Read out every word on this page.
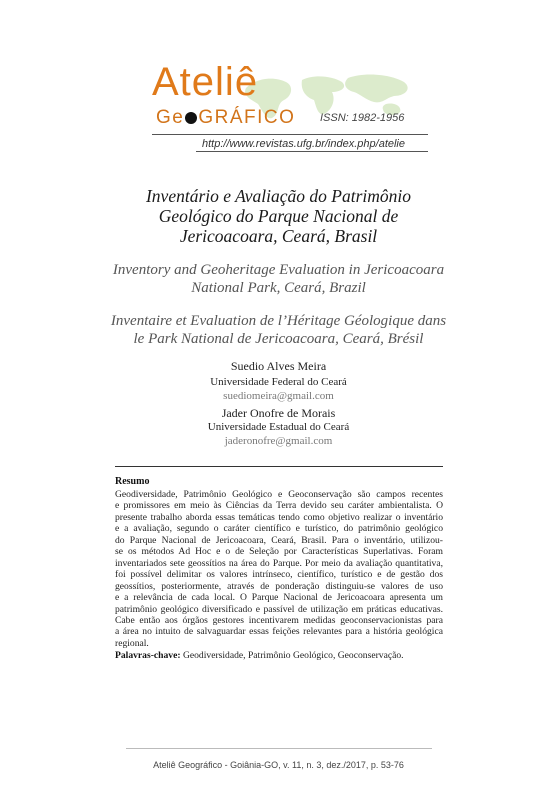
Ateliê
Ge GRÁFICO ISSN: 1982-1956
http://www.revistas.ufg.br/index.php/atelie
Inventário e Avaliação do Patrimônio
Geológico do Parque Nacional de
Jericoacoara, Ceará, Brasil
Inventory and Geoheritage Evaluation in Jericoacoara
National Park, Ceará, Brazil
Inventaire et Evaluation de l’Héritage Géologique dans
le Park National de Jericoacoara, Ceará, Brésil
Suedio Alves Meira
Universidade Federal do Ceará
suediomeira@gmail.com
Jader Onofre de Morais
Universidade Estadual do Ceará
jaderonofre@gmail.com
Resumo
Geodiversidade, Patrimônio Geológico e Geoconservação são campos recentes
e promissores em meio às Ciências da Terra devido seu caráter ambientalista. O
presente trabalho aborda essas temáticas tendo como objetivo realizar o inventário
e a avaliação, segundo o caráter científico e turístico, do patrimônio geológico
do Parque Nacional de Jericoacoara, Ceará, Brasil. Para o inventário, utilizou-
se os métodos Ad Hoc e o de Seleção por Características Superlativas. Foram
inventariados sete geossítios na área do Parque. Por meio da avaliação quantitativa,
foi possível delimitar os valores intrínseco, científico, turístico e de gestão dos
geossítios, posteriormente, através de ponderação distinguiu-se valores de uso
e a relevância de cada local. O Parque Nacional de Jericoacoara apresenta um
patrimônio geológico diversificado e passível de utilização em práticas educativas.
Cabe então aos órgãos gestores incentivarem medidas geoconservacionistas para
a área no intuito de salvaguardar essas feições relevantes para a história geológica
regional.
Palavras-chave: Geodiversidade, Patrimônio Geológico, Geoconservação.
Ateliê Geográfico - Goiânia-GO, v. 11, n. 3, dez./2017, p. 53-76
